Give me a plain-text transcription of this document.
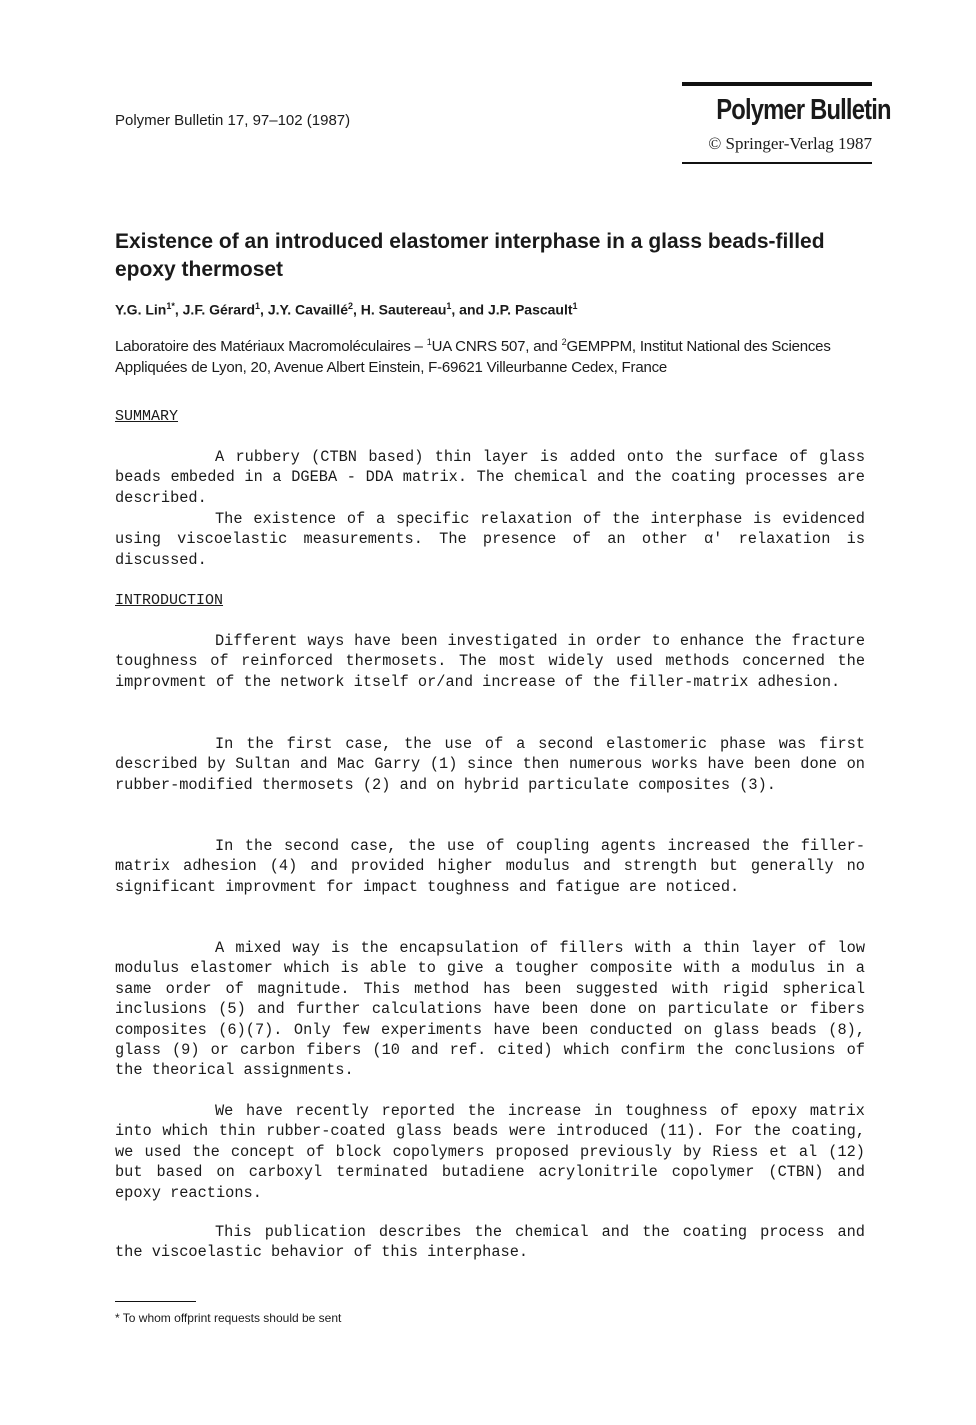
Polymer Bulletin 17, 97–102 (1987)	Polymer Bulletin
© Springer-Verlag 1987
Existence of an introduced elastomer interphase in a glass beads-filled epoxy thermoset
Y.G. Lin$^{1*}$, J.F. Gérard$^1$, J.Y. Cavaillé$^2$, H. Sautereau$^1$, and J.P. Pascault$^1$
Laboratoire des Matériaux Macromoléculaires – $^1$UA CNRS 507, and $^2$GEMPPM, Institut National des Sciences Appliquées de Lyon, 20, Avenue Albert Einstein, F-69621 Villeurbanne Cedex, France
SUMMARY
A rubbery (CTBN based) thin layer is added onto the surface of glass beads embeded in a DGEBA - DDA matrix. The chemical and the coating processes are described.
The existence of a specific relaxation of the interphase is evidenced using viscoelastic measurements. The presence of an other α' relaxation is discussed.
INTRODUCTION
Different ways have been investigated in order to enhance the fracture toughness of reinforced thermosets. The most widely used methods concerned the improvment of the network itself or/and increase of the filler-matrix adhesion.
In the first case, the use of a second elastomeric phase was first described by Sultan and Mac Garry (1) since then numerous works have been done on rubber-modified thermosets (2) and on hybrid particulate composites (3).
In the second case, the use of coupling agents increased the filler-matrix adhesion (4) and provided higher modulus and strength but generally no significant improvment for impact toughness and fatigue are noticed.
A mixed way is the encapsulation of fillers with a thin layer of low modulus elastomer which is able to give a tougher composite with a modulus in a same order of magnitude. This method has been suggested with rigid spherical inclusions (5) and further calculations have been done on particulate or fibers composites (6)(7). Only few experiments have been conducted on glass beads (8), glass (9) or carbon fibers (10 and ref. cited) which confirm the conclusions of the theorical assignments.
We have recently reported the increase in toughness of epoxy matrix into which thin rubber-coated glass beads were introduced (11). For the coating, we used the concept of block copolymers proposed previously by Riess et al (12) but based on carboxyl terminated butadiene acrylonitrile copolymer (CTBN) and epoxy reactions.
This publication describes the chemical and the coating process and the viscoelastic behavior of this interphase.
* To whom offprint requests should be sent
